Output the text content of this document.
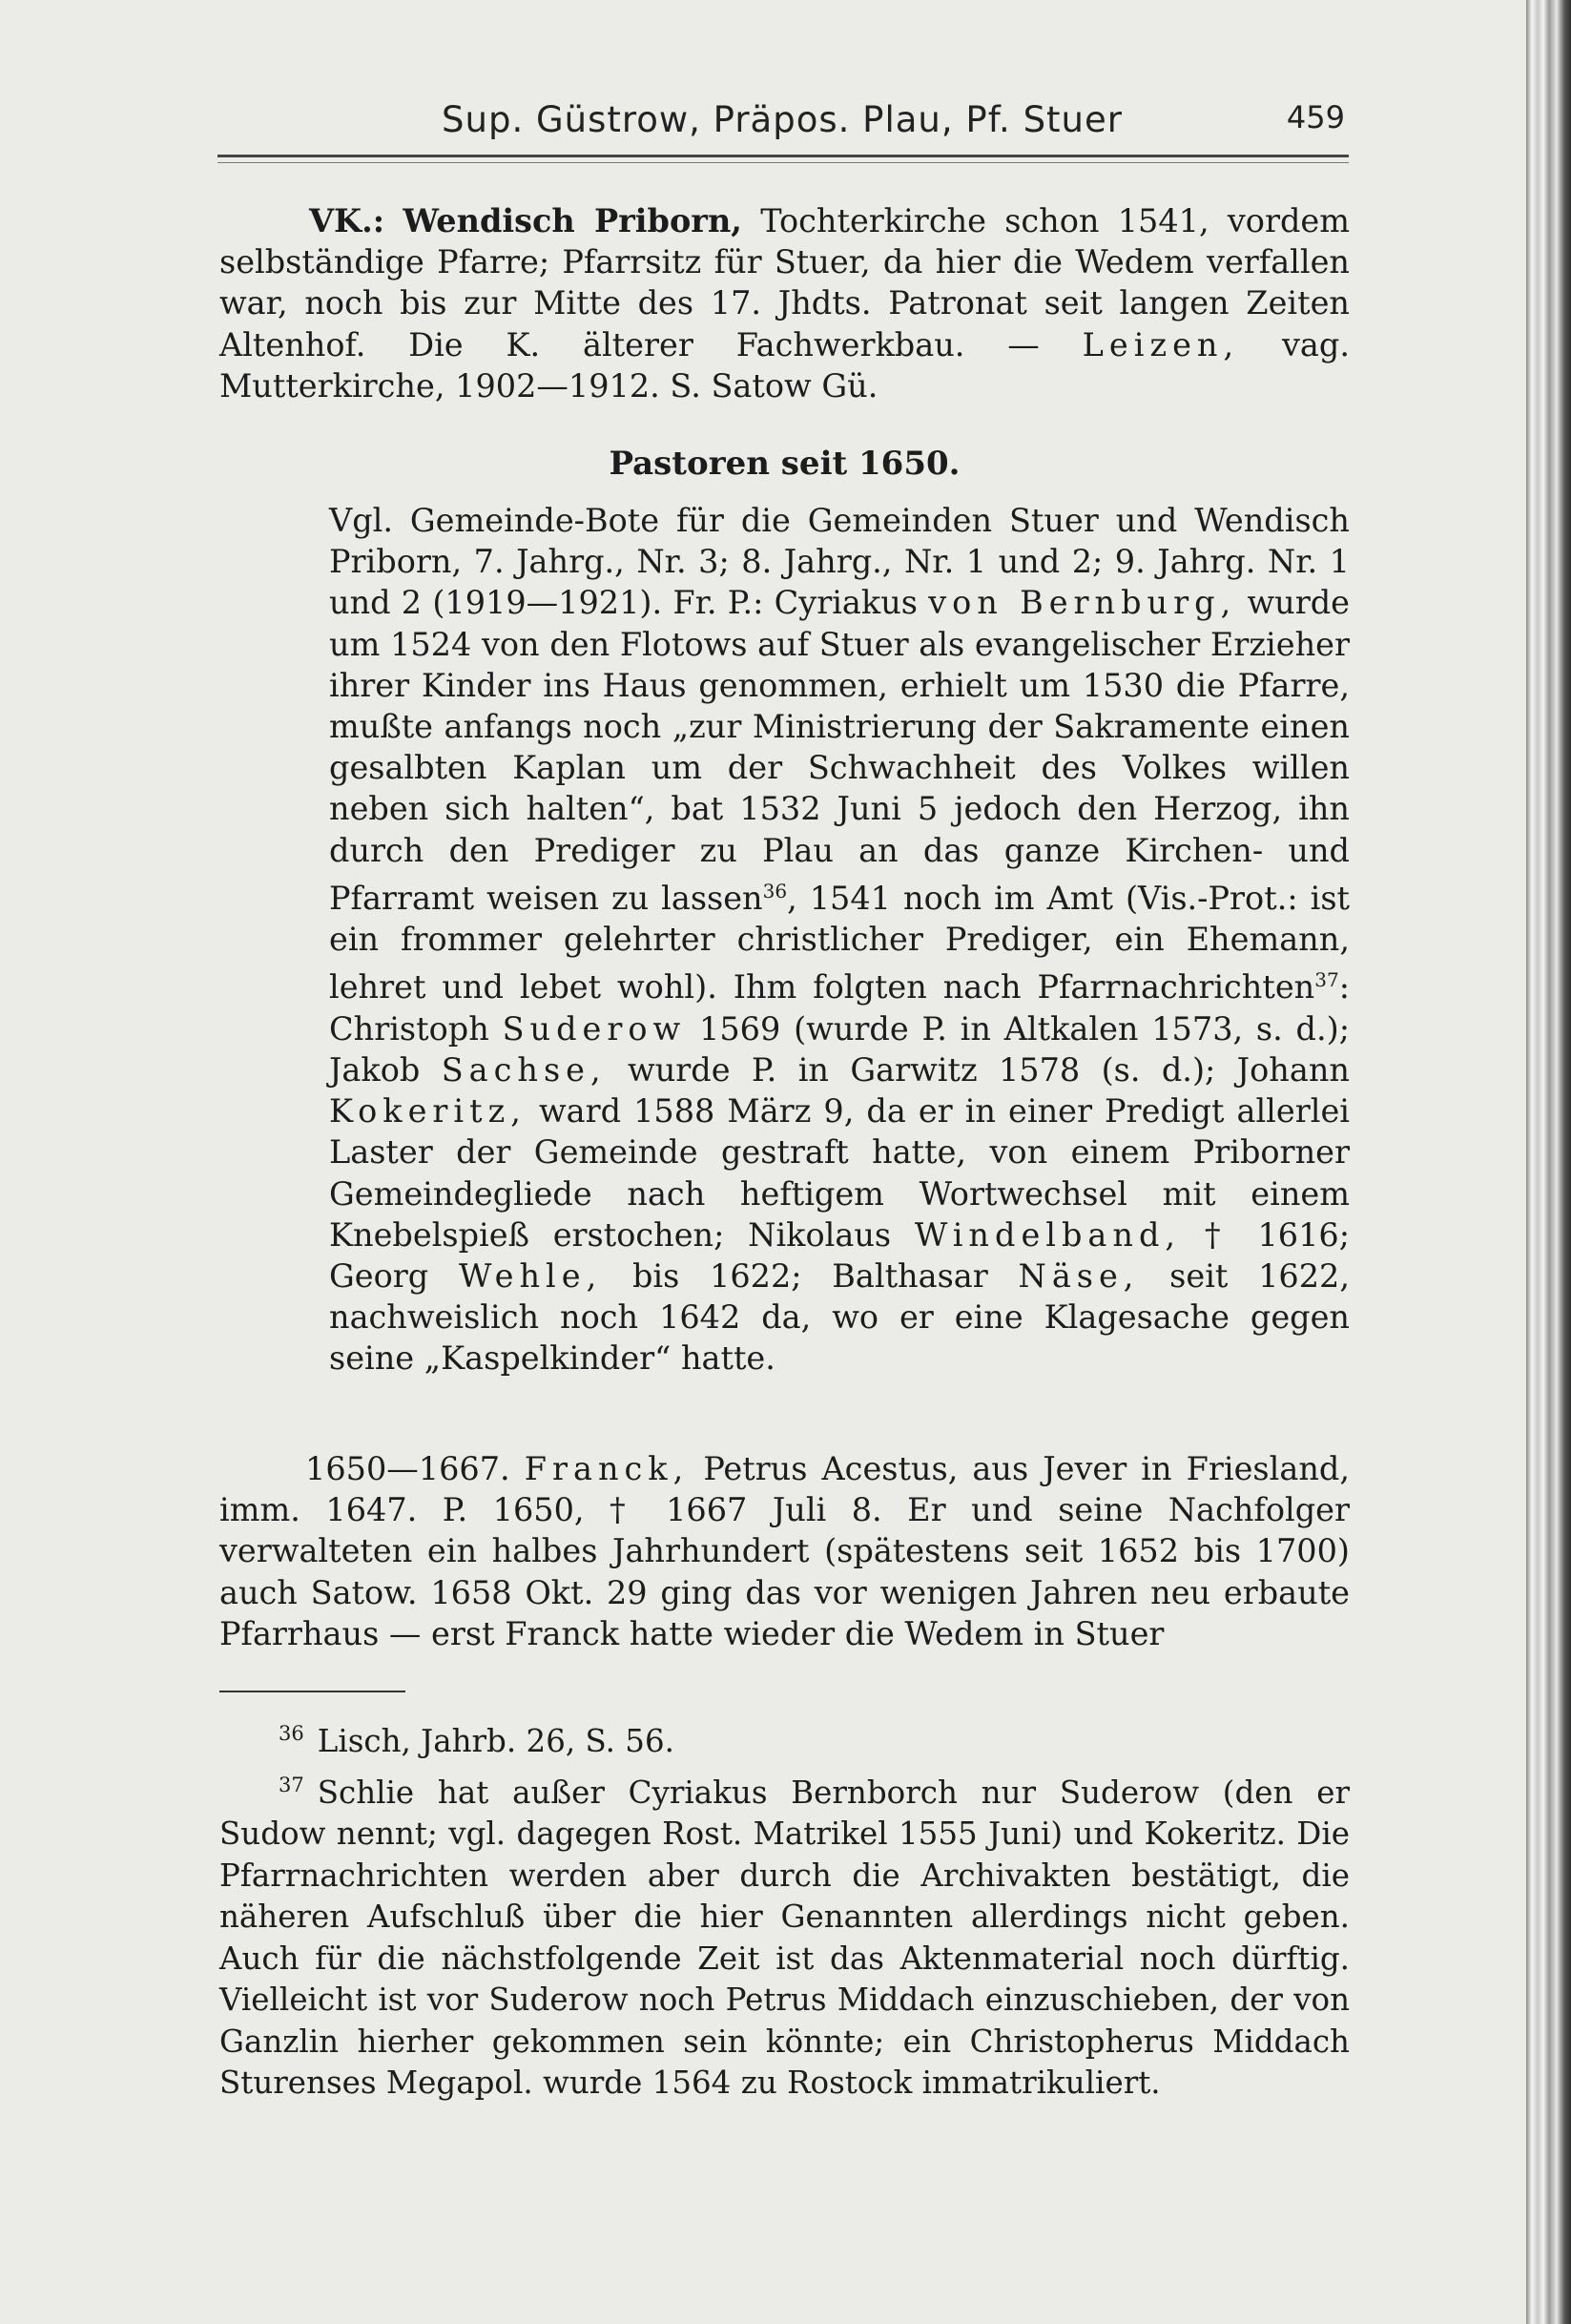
Sup. Güstrow, Präpos. Plau, Pf. Stuer	459

VK.: Wendisch Priborn, Tochterkirche schon 1541, vordem selbständige Pfarre; Pfarrsitz für Stuer, da hier die Wedem verfallen war, noch bis zur Mitte des 17. Jhdts. Patronat seit langen Zeiten Altenhof. Die K. älterer Fachwerkbau. — Leizen, vag. Mutterkirche, 1902—1912. S. Satow Gü.

Pastoren seit 1650.

Vgl. Gemeinde-Bote für die Gemeinden Stuer und Wendisch Priborn, 7. Jahrg., Nr. 3; 8. Jahrg., Nr. 1 und 2; 9. Jahrg. Nr. 1 und 2 (1919—1921). Fr. P.: Cyriakus von Bernburg, wurde um 1524 von den Flotows auf Stuer als evangelischer Erzieher ihrer Kinder ins Haus genommen, erhielt um 1530 die Pfarre, mußte anfangs noch „zur Ministrierung der Sakramente einen gesalbten Kaplan um der Schwachheit des Volkes willen neben sich halten“, bat 1532 Juni 5 jedoch den Herzog, ihn durch den Prediger zu Plau an das ganze Kirchen- und Pfarramt weisen zu lassen$^{36}$, 1541 noch im Amt (Vis.-Prot.: ist ein frommer gelehrter christlicher Prediger, ein Ehemann, lehret und lebet wohl). Ihm folgten nach Pfarrnachrichten$^{37}$: Christoph Suderow 1569 (wurde P. in Altkalen 1573, s. d.); Jakob Sachse, wurde P. in Garwitz 1578 (s. d.); Johann Kokeritz, ward 1588 März 9, da er in einer Predigt allerlei Laster der Gemeinde gestraft hatte, von einem Priborner Gemeindegliede nach heftigem Wortwechsel mit einem Knebelspieß erstochen; Nikolaus Windelband, † 1616; Georg Wehle, bis 1622; Balthasar Näse, seit 1622, nachweislich noch 1642 da, wo er eine Klagesache gegen seine „Kaspelkinder“ hatte.

1650—1667. Franck, Petrus Acestus, aus Jever in Friesland, imm. 1647. P. 1650, † 1667 Juli 8. Er und seine Nachfolger verwalteten ein halbes Jahrhundert (spätestens seit 1652 bis 1700) auch Satow. 1658 Okt. 29 ging das vor wenigen Jahren neu erbaute Pfarrhaus — erst Franck hatte wieder die Wedem in Stuer

$^{36}$ Lisch, Jahrb. 26, S. 56.

$^{37}$ Schlie hat außer Cyriakus Bernborch nur Suderow (den er Sudow nennt; vgl. dagegen Rost. Matrikel 1555 Juni) und Kokeritz. Die Pfarrnachrichten werden aber durch die Archivakten bestätigt, die näheren Aufschluß über die hier Genannten allerdings nicht geben. Auch für die nächstfolgende Zeit ist das Aktenmaterial noch dürftig. Vielleicht ist vor Suderow noch Petrus Middach einzuschieben, der von Ganzlin hierher gekommen sein könnte; ein Christopherus Middach Sturenses Megapol. wurde 1564 zu Rostock immatrikuliert.
